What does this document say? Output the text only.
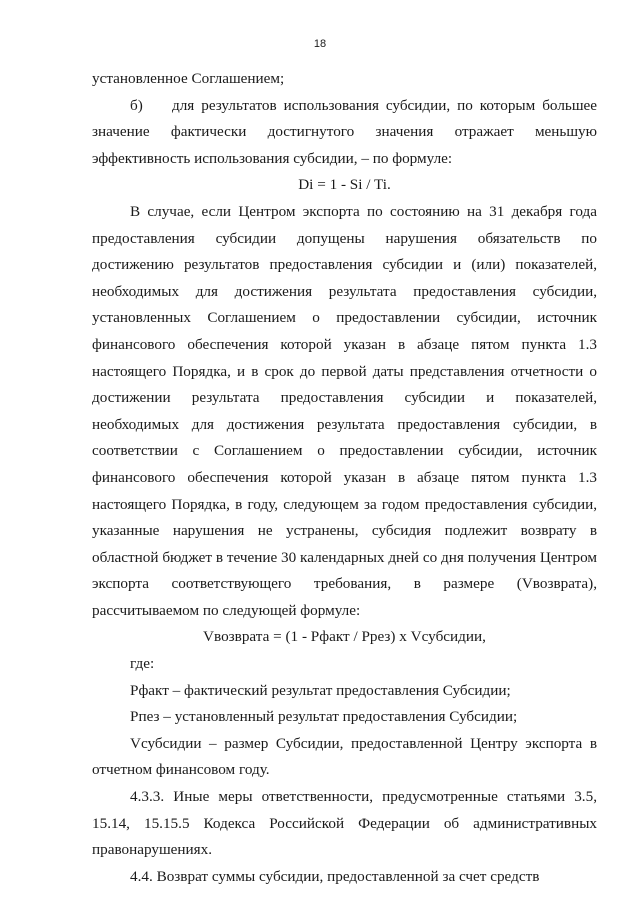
18

установленное Соглашением;

б) для результатов использования субсидии, по которым большее значение фактически достигнутого значения отражает меньшую эффективность использования субсидии, – по формуле:

Di = 1 - Si / Ti.

В случае, если Центром экспорта по состоянию на 31 декабря года предоставления субсидии допущены нарушения обязательств по достижению результатов предоставления субсидии и (или) показателей, необходимых для достижения результата предоставления субсидии, установленных Соглашением о предоставлении субсидии, источник финансового обеспечения которой указан в абзаце пятом пункта 1.3 настоящего Порядка, и в срок до первой даты представления отчетности о достижении результата предоставления субсидии и показателей, необходимых для достижения результата предоставления субсидии, в соответствии с Соглашением о предоставлении субсидии, источник финансового обеспечения которой указан в абзаце пятом пункта 1.3 настоящего Порядка, в году, следующем за годом предоставления субсидии, указанные нарушения не устранены, субсидия подлежит возврату в областной бюджет в течение 30 календарных дней со дня получения Центром экспорта соответствующего требования, в размере (Vвозврата), рассчитываемом по следующей формуле:

Vвозврата = (1 - Рфакт / Ррез) х Vсубсидии,

где:

Рфакт – фактический результат предоставления Субсидии;

Рпез – установленный результат предоставления Субсидии;

Vсубсидии – размер Субсидии, предоставленной Центру экспорта в отчетном финансовом году.

4.3.3. Иные меры ответственности, предусмотренные статьями 3.5, 15.14, 15.15.5 Кодекса Российской Федерации об административных правонарушениях.

4.4. Возврат суммы субсидии, предоставленной за счет средств
